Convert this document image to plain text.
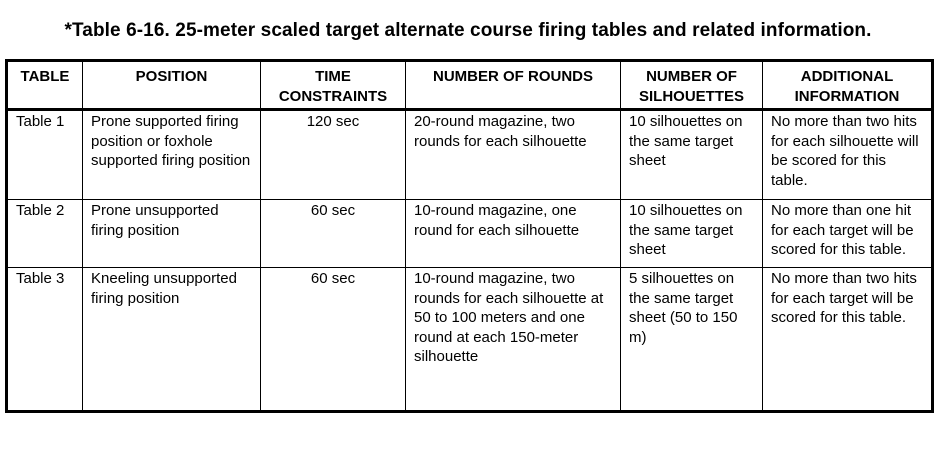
*Table 6-16. 25-meter scaled target alternate course firing tables and related information.
TABLE	POSITION	TIME CONSTRAINTS	NUMBER OF ROUNDS	NUMBER OF SILHOUETTES	ADDITIONAL INFORMATION
Table 1	Prone supported firing position or foxhole supported firing position	120 sec	20-round magazine, two rounds for each silhouette	10 silhouettes on the same target sheet	No more than two hits for each silhouette will be scored for this table.
Table 2	Prone unsupported firing position	60 sec	10-round magazine, one round for each silhouette	10 silhouettes on the same target sheet	No more than one hit for each target will be scored for this table.
Table 3	Kneeling unsupported firing position	60 sec	10-round magazine, two rounds for each silhouette at 50 to 100 meters and one round at each 150-meter silhouette	5 silhouettes on the same target sheet (50 to 150 m)	No more than two hits for each target will be scored for this table.
